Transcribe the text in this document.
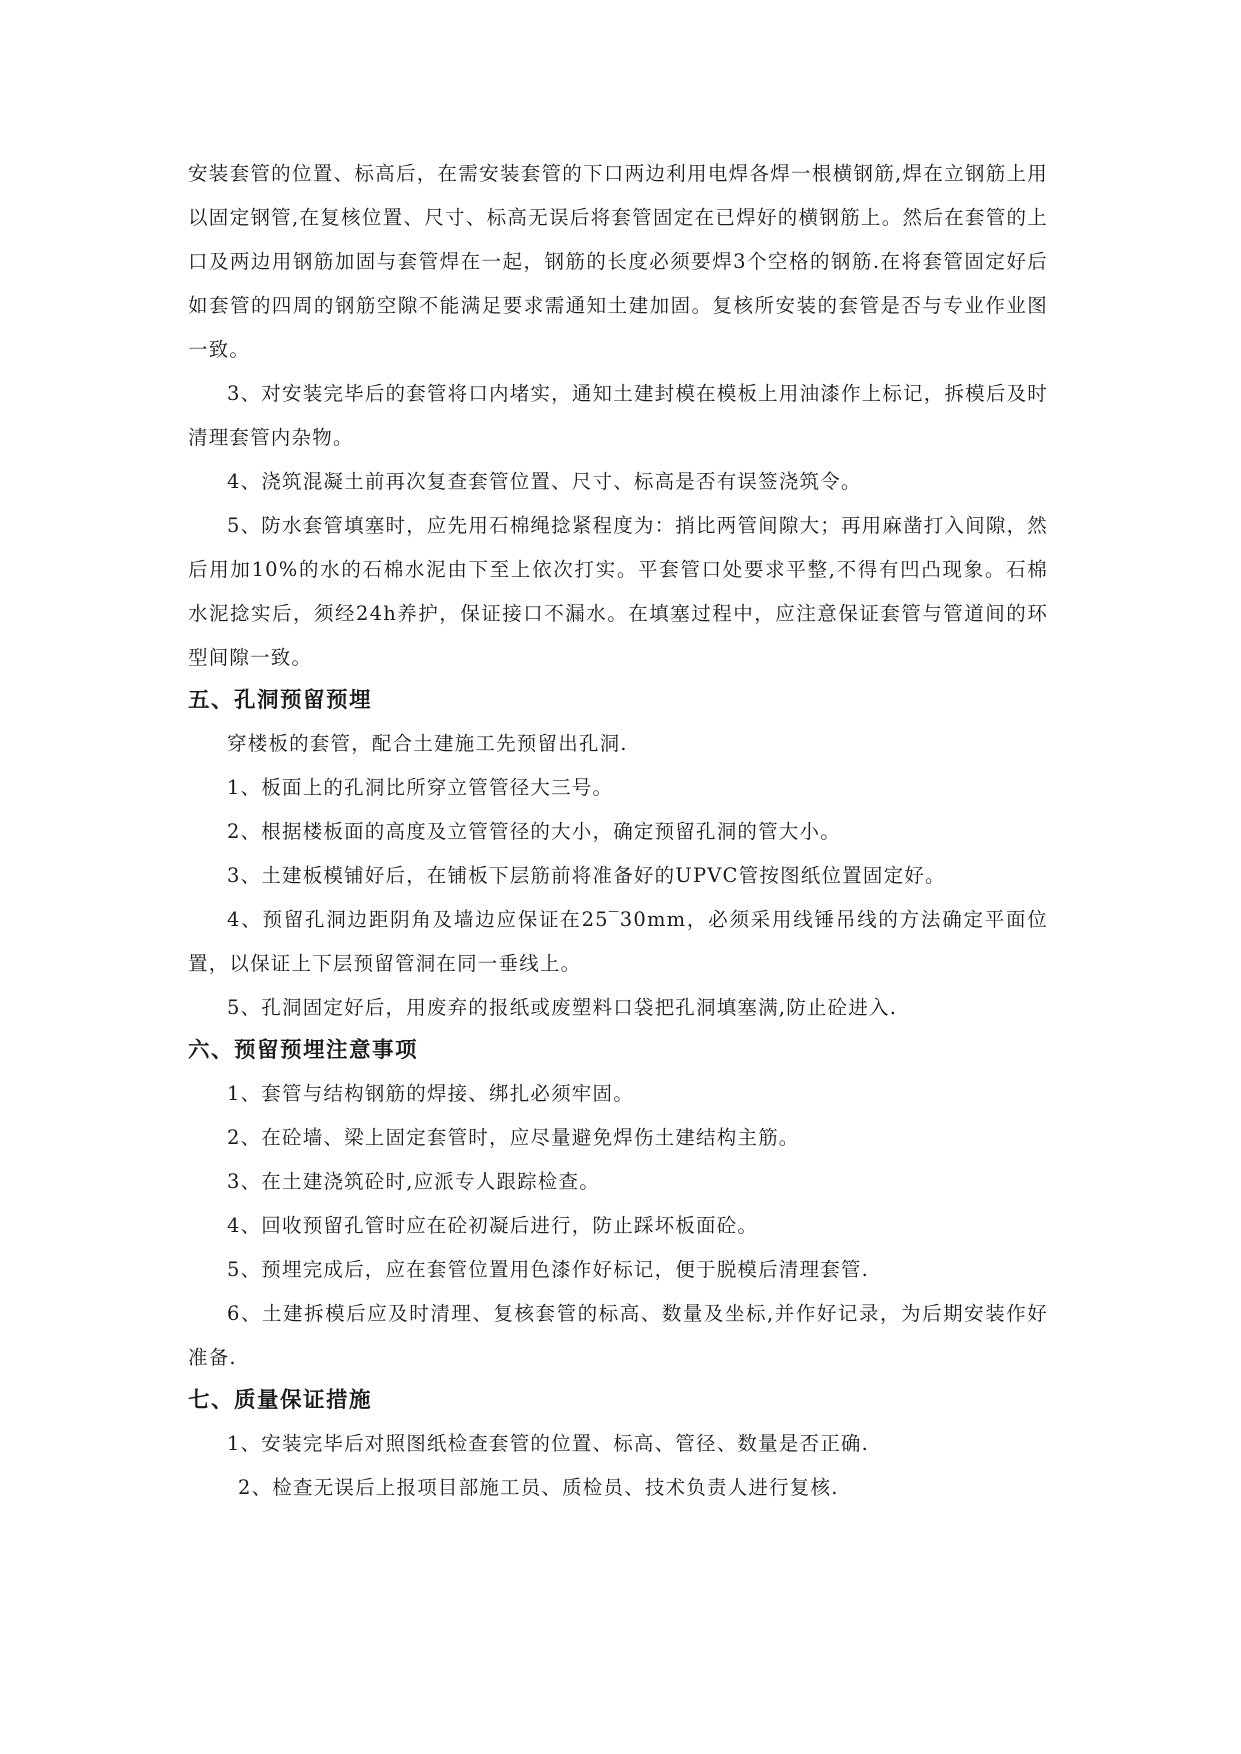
安装套管的位置、标高后，在需安装套管的下口两边利用电焊各焊一根横钢筋,焊在立钢筋上用以固定钢管,在复核位置、尺寸、标高无误后将套管固定在已焊好的横钢筋上。然后在套管的上口及两边用钢筋加固与套管焊在一起，钢筋的长度必须要焊3个空格的钢筋.在将套管固定好后如套管的四周的钢筋空隙不能满足要求需通知土建加固。复核所安装的套管是否与专业作业图一致。

3、对安装完毕后的套管将口内堵实，通知土建封模在模板上用油漆作上标记，拆模后及时清理套管内杂物。

4、浇筑混凝土前再次复查套管位置、尺寸、标高是否有误签浇筑令。

5、防水套管填塞时，应先用石棉绳捻紧程度为：捎比两管间隙大；再用麻凿打入间隙，然后用加10%的水的石棉水泥由下至上依次打实。平套管口处要求平整,不得有凹凸现象。石棉水泥捻实后，须经24h养护，保证接口不漏水。在填塞过程中，应注意保证套管与管道间的环型间隙一致。

五、孔洞预留预埋

穿楼板的套管，配合土建施工先预留出孔洞.

1、板面上的孔洞比所穿立管管径大三号。

2、根据楼板面的高度及立管管径的大小，确定预留孔洞的管大小。

3、土建板模铺好后，在铺板下层筋前将准备好的UPVC管按图纸位置固定好。

4、预留孔洞边距阴角及墙边应保证在25‾30mm，必须采用线锤吊线的方法确定平面位置，以保证上下层预留管洞在同一垂线上。

5、孔洞固定好后，用废弃的报纸或废塑料口袋把孔洞填塞满,防止砼进入.

六、预留预埋注意事项

1、套管与结构钢筋的焊接、绑扎必须牢固。

2、在砼墙、梁上固定套管时，应尽量避免焊伤土建结构主筋。

3、在土建浇筑砼时,应派专人跟踪检查。

4、回收预留孔管时应在砼初凝后进行，防止踩坏板面砼。

5、预埋完成后，应在套管位置用色漆作好标记，便于脱模后清理套管.

6、土建拆模后应及时清理、复核套管的标高、数量及坐标,并作好记录，为后期安装作好准备.

七、质量保证措施

1、安装完毕后对照图纸检查套管的位置、标高、管径、数量是否正确.

2、检查无误后上报项目部施工员、质检员、技术负责人进行复核.
